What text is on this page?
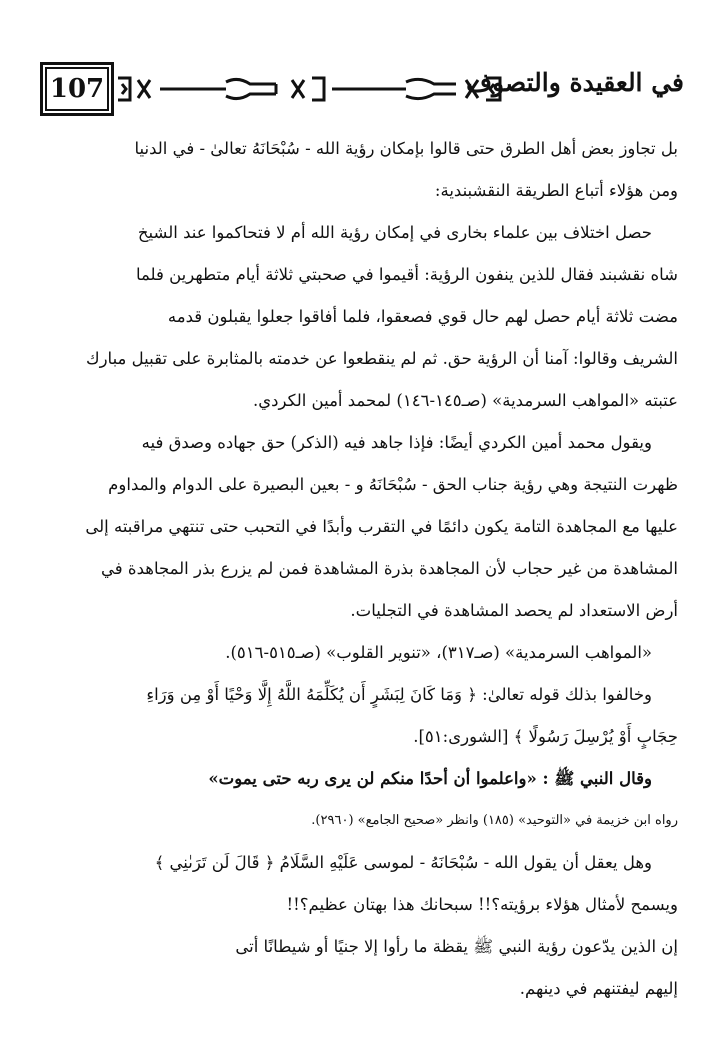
107	في العقيدة والتصوف
بل تجاوز بعض أهل الطرق حتى قالوا بإمكان رؤية الله - سُبْحَانَهُ تعالىٰ - في الدنيا
ومن هؤلاء أتباع الطريقة النقشبندية:
حصل اختلاف بين علماء بخارى في إمكان رؤية الله أم لا فتحاكموا عند الشيخ
شاه نقشبند فقال للذين ينفون الرؤية: أقيموا في صحبتي ثلاثة أيام متطهرين فلما
مضت ثلاثة أيام حصل لهم حال قوي فصعقوا، فلما أفاقوا جعلوا يقبلون قدمه
الشريف وقالوا: آمنا أن الرؤية حق. ثم لم ينقطعوا عن خدمته بالمثابرة على تقبيل مبارك
عتبته «المواهب السرمدية» (صـ١٤٥-١٤٦) لمحمد أمين الكردي.
ويقول محمد أمين الكردي أيضًا: فإذا جاهد فيه (الذكر) حق جهاده وصدق فيه
ظهرت النتيجة وهي رؤية جناب الحق - سُبْحَانَهُ و - بعين البصيرة على الدوام والمداوم
عليها مع المجاهدة التامة يكون دائمًا في التقرب وأبدًا في التحبب حتى تنتهي مراقبته إلى
المشاهدة من غير حجاب لأن المجاهدة بذرة المشاهدة فمن لم يزرع بذر المجاهدة في
أرض الاستعداد لم يحصد المشاهدة في التجليات.
«المواهب السرمدية» (صـ٣١٧)، «تنوير القلوب» (صـ٥١٥-٥١٦).
وخالفوا بذلك قوله تعالىٰ: ﴿ وَمَا كَانَ لِبَشَرٍ أَن يُكَلِّمَهُ اللَّهُ إِلَّا وَحْيًا أَوْ مِن وَرَاءِ
حِجَابٍ أَوْ يُرْسِلَ رَسُولًا ﴾ [الشورى:٥١].
وقال النبي ﷺ : «واعلموا أن أحدًا منكم لن يرى ربه حتى يموت»
رواه ابن خزيمة في «التوحيد» (١٨٥) وانظر «صحيح الجامع» (٢٩٦٠).
وهل يعقل أن يقول الله - سُبْحَانَهُ - لموسى عَلَيْهِ السَّلَامُ ﴿ قَالَ لَن تَرَىٰنِي ﴾
ويسمح لأمثال هؤلاء برؤيته؟!! سبحانك هذا بهتان عظيم؟!!
إن الذين يدّعون رؤية النبي ﷺ يقظة ما رأوا إلا جنيًا أو شيطانًا أتى
إليهم ليفتنهم في دينهم.
